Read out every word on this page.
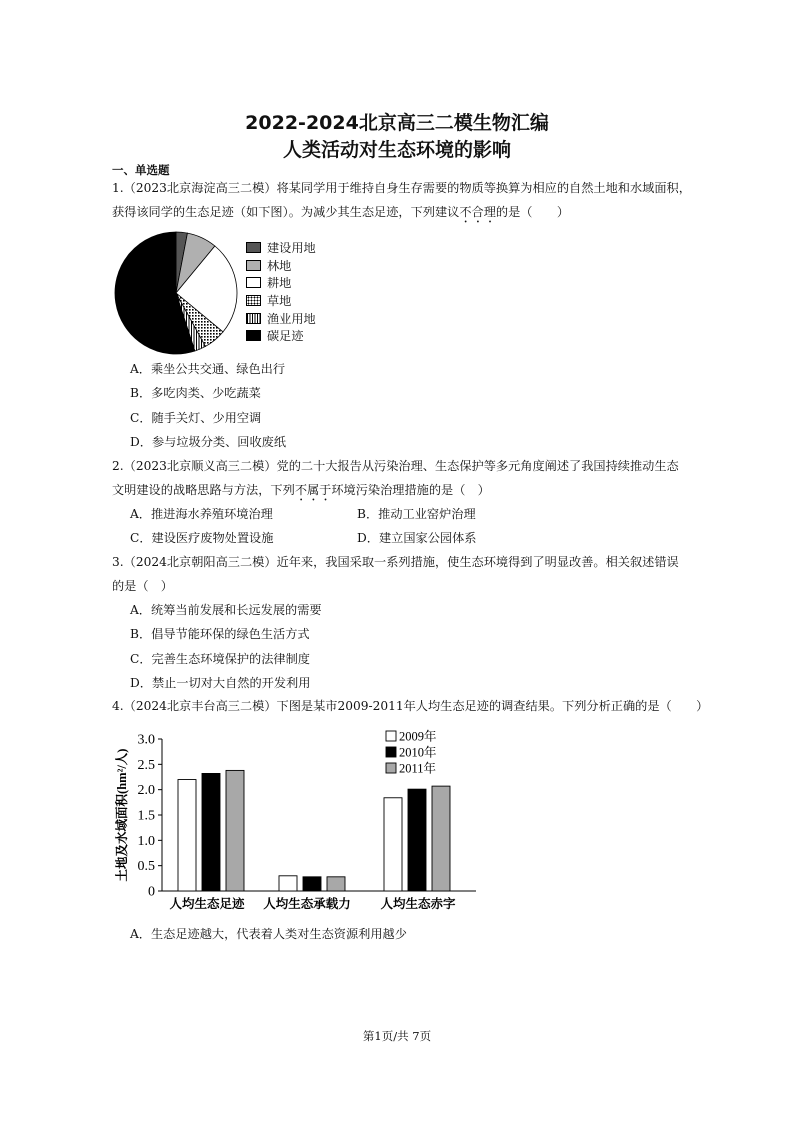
2022-2024北京高三二模生物汇编
人类活动对生态环境的影响
一、单选题
1.（2023北京海淀高三二模）将某同学用于维持自身生存需要的物质等换算为相应的自然土地和水域面积，
获得该同学的生态足迹（如下图）。为减少其生态足迹，下列建议不合理的是（　　）
建设用地
林地
耕地
草地
渔业用地
碳足迹
A．乘坐公共交通、绿色出行
B．多吃肉类、少吃蔬菜
C．随手关灯、少用空调
D．参与垃圾分类、回收废纸
2.（2023北京顺义高三二模）党的二十大报告从污染治理、生态保护等多元角度阐述了我国持续推动生态
文明建设的战略思路与方法，下列不属于环境污染治理措施的是（　）
A．推进海水养殖环境治理	B．推动工业窑炉治理
C．建设医疗废物处置设施	D．建立国家公园体系
3.（2024北京朝阳高三二模）近年来，我国采取一系列措施，使生态环境得到了明显改善。相关叙述错误
的是（　）
A．统筹当前发展和长远发展的需要
B．倡导节能环保的绿色生活方式
C．完善生态环境保护的法律制度
D．禁止一切对大自然的开发利用
4.（2024北京丰台高三二模）下图是某市2009-2011年人均生态足迹的调查结果。下列分析正确的是（　　）
0
0.5
1.0
1.5
2.0
2.5
3.0
土地及水域面积(hm²/人)
人均生态足迹 人均生态承载力 人均生态赤字
2009年
2010年
2011年
A．生态足迹越大，代表着人类对生态资源利用越少
第1页/共 7页
